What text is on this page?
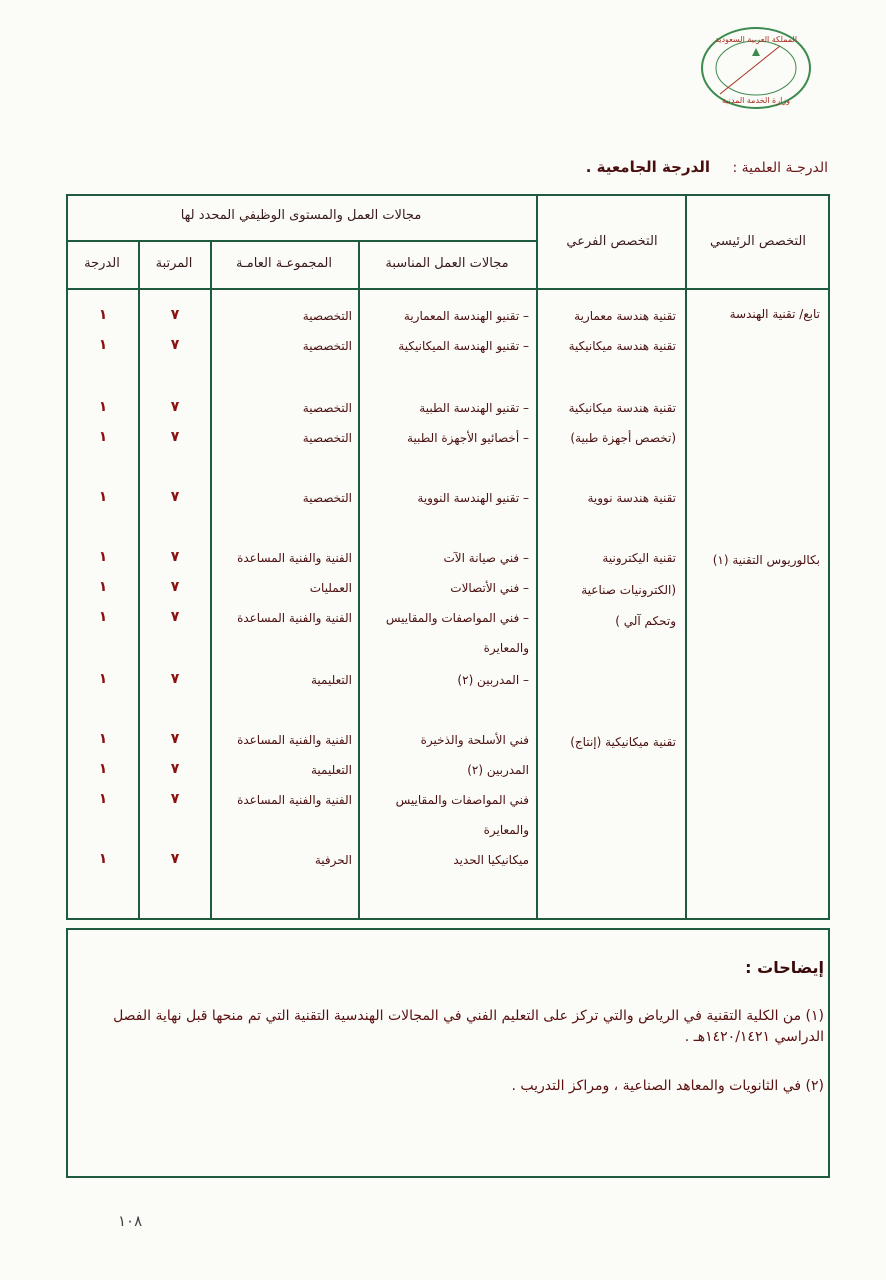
المملكة العربية السعودية
وزارة الخدمة المدنية
الدرجـة العلمية : الدرجة الجامعية .
التخصص الرئيسي
التخصص الفرعي
مجالات العمل والمستوى الوظيفي المحدد لها
مجالات العمل المناسبة
المجموعـة العامـة
المرتبة
الدرجة
تابع/ تقنية الهندسة
بكالوريوس التقنية (١)
تقنية هندسة معمارية
تقنية هندسة ميكانيكية
تقنية هندسة ميكانيكية
(تخصص أجهزة طبية)
تقنية هندسة نووية
تقنية اليكترونية
(الكترونيات صناعية
وتحكم آلي )
تقنية ميكانيكية (إنتاج)
– تقنيو الهندسة المعمارية
– تقنيو الهندسة الميكانيكية
– تقنيو الهندسة الطبية
– أخصائيو الأجهزة الطبية
– تقنيو الهندسة النووية
– فني صيانة الآت
– فني الأتصالات
– فني المواصفات والمقاييس
والمعايرة
– المدربين (٢)
فني الأسلحة والذخيرة
المدربين (٢)
فني المواصفات والمقاييس
والمعايرة
ميكانيكيا الحديد
التخصصية
التخصصية
التخصصية
التخصصية
التخصصية
الفنية والفنية المساعدة
العمليات
الفنية والفنية المساعدة
التعليمية
الفنية والفنية المساعدة
التعليمية
الفنية والفنية المساعدة
الحرفية
٧
١
٧
١
٧
١
٧
١
٧
١
٧
١
٧
١
٧
١
٧
١
٧
١
٧
١
٧
١
٧
١
إيضاحات :
(١) من الكلية التقنية في الرياض والتي تركز على التعليم الفني في المجالات الهندسية التقنية التي تم منحها قبل نهاية الفصل الدراسي ١٤٢٠/١٤٢١هـ .
(٢) في الثانويات والمعاهد الصناعية ، ومراكز التدريب .
١٠٨
